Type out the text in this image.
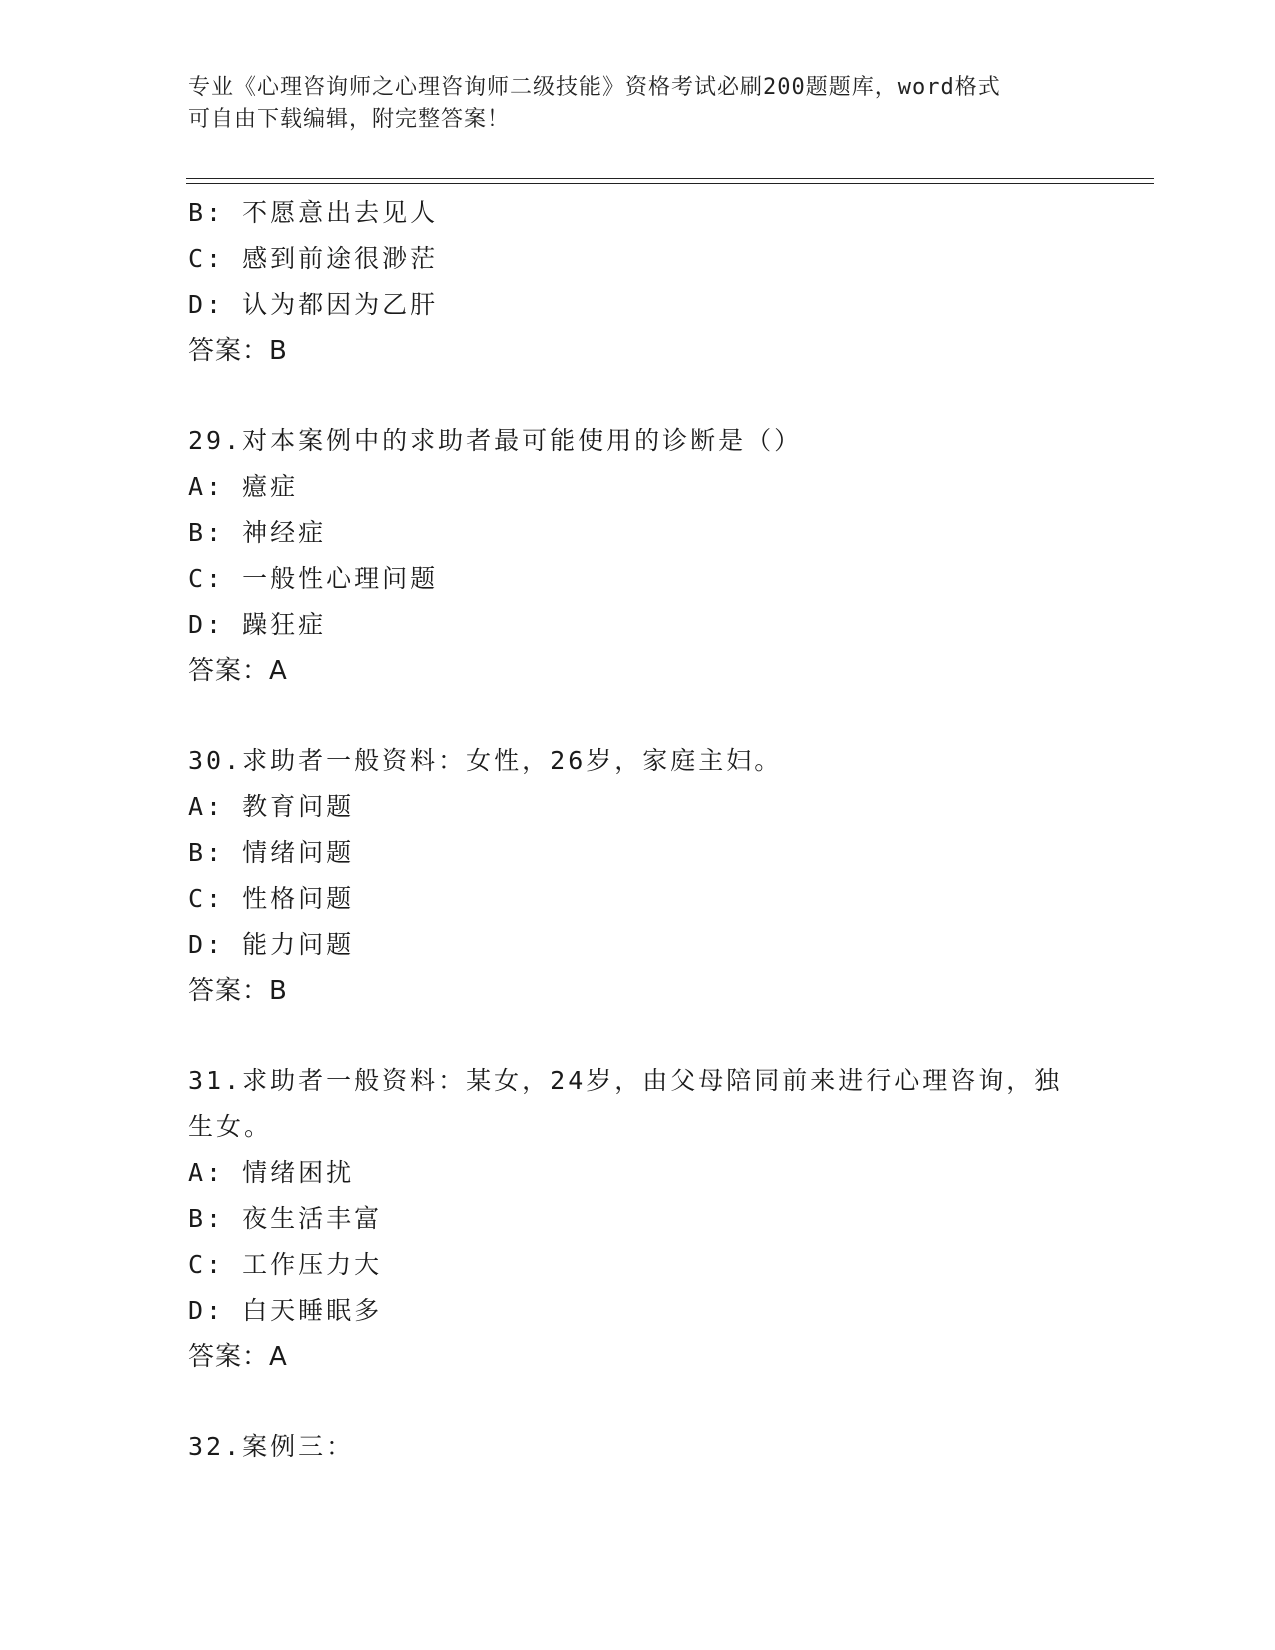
专业《心理咨询师之心理咨询师二级技能》资格考试必刷200题题库，word格式
可自由下载编辑，附完整答案！
B: 不愿意出去见人
C: 感到前途很渺茫
D: 认为都因为乙肝
答案：B
29.对本案例中的求助者最可能使用的诊断是（）
A: 癔症
B: 神经症
C: 一般性心理问题
D: 躁狂症
答案：A
30.求助者一般资料：女性，26岁，家庭主妇。
A: 教育问题
B: 情绪问题
C: 性格问题
D: 能力问题
答案：B
31.求助者一般资料：某女，24岁，由父母陪同前来进行心理咨询，独生女。
A: 情绪困扰
B: 夜生活丰富
C: 工作压力大
D: 白天睡眠多
答案：A
32.案例三：
